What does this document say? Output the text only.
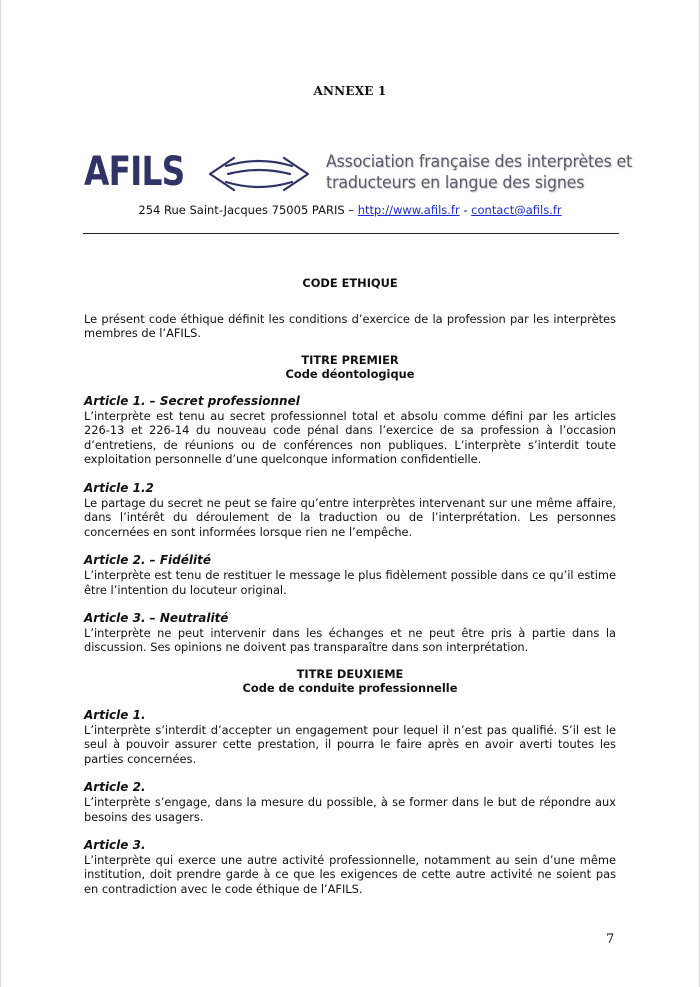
ANNEXE 1
AFILS	Association française des interprètes et
traducteurs en langue des signes
254 Rue Saint-Jacques 75005 PARIS – http://www.afils.fr - contact@afils.fr
CODE ETHIQUE

Le présent code éthique définit les conditions d’exercice de la profession par les interprètes membres de l’AFILS.

TITRE PREMIER
Code déontologique

Article 1. – Secret professionnel

L’interprète est tenu au secret professionnel total et absolu comme défini par les articles 226-13 et 226-14 du nouveau code pénal dans l’exercice de sa profession à l’occasion d’entretiens, de réunions ou de conférences non publiques. L’interprète s’interdit toute exploitation personnelle d’une quelconque information confidentielle.

Article 1.2

Le partage du secret ne peut se faire qu’entre interprètes intervenant sur une même affaire, dans l’intérêt du déroulement de la traduction ou de l’interprétation. Les personnes concernées en sont informées lorsque rien ne l’empêche.

Article 2. – Fidélité

L’interprète est tenu de restituer le message le plus fidèlement possible dans ce qu’il estime être l’intention du locuteur original.

Article 3. – Neutralité

L’interprète ne peut intervenir dans les échanges et ne peut être pris à partie dans la discussion. Ses opinions ne doivent pas transparaître dans son interprétation.

TITRE DEUXIEME
Code de conduite professionnelle

Article 1.

L’interprète s’interdit d’accepter un engagement pour lequel il n’est pas qualifié. S’il est le seul à pouvoir assurer cette prestation, il pourra le faire après en avoir averti toutes les parties concernées.

Article 2.

L’interprète s’engage, dans la mesure du possible, à se former dans le but de répondre aux besoins des usagers.

Article 3.

L’interprète qui exerce une autre activité professionnelle, notamment au sein d’une même institution, doit prendre garde à ce que les exigences de cette autre activité ne soient pas en contradiction avec le code éthique de l’AFILS.

7
